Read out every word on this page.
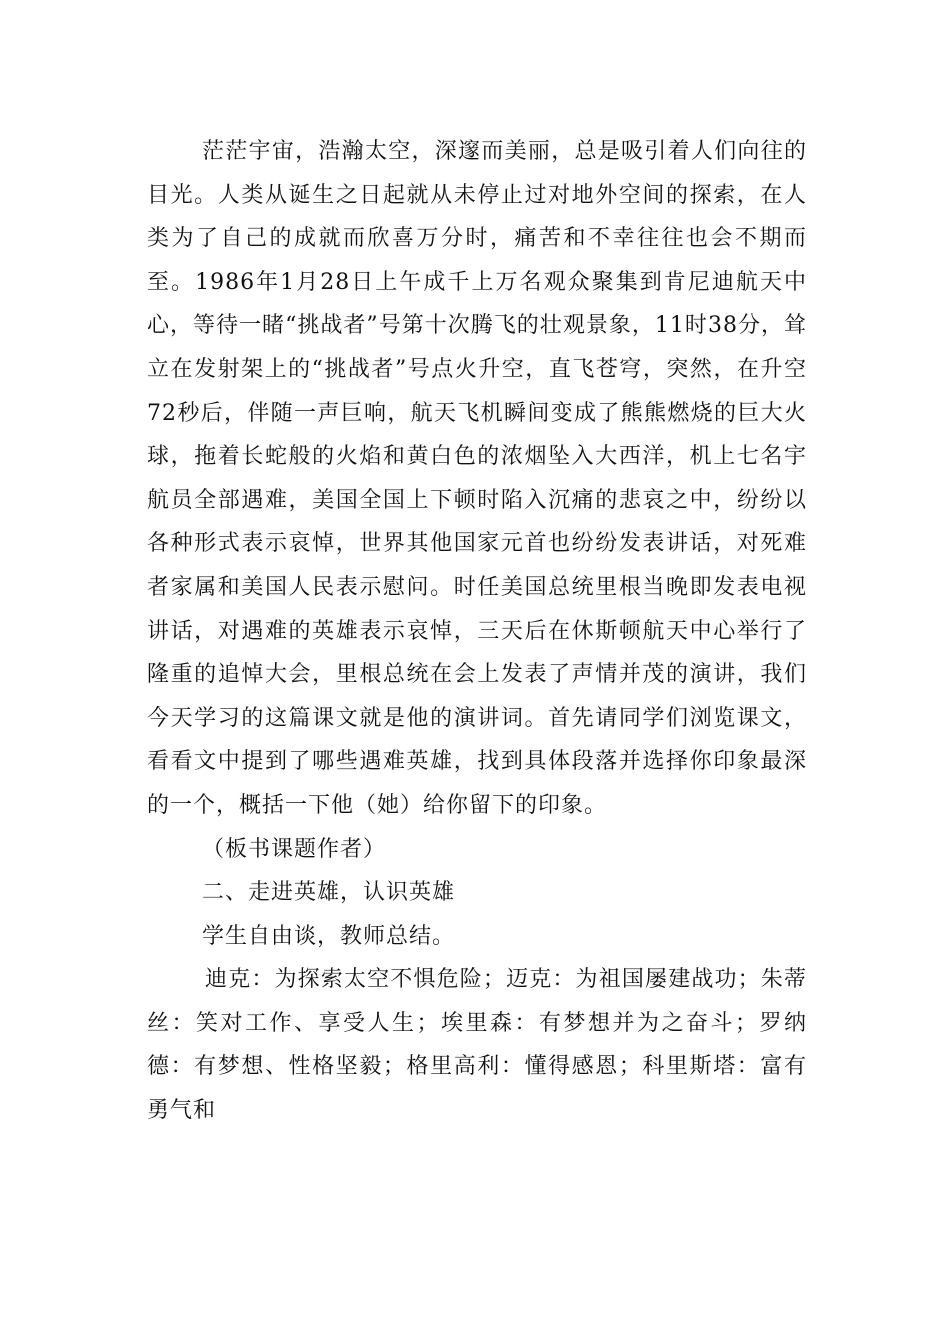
茫茫宇宙，浩瀚太空，深邃而美丽，总是吸引着人们向往的目光。人类从诞生之日起就从未停止过对地外空间的探索，在人类为了自己的成就而欣喜万分时，痛苦和不幸往往也会不期而至。1986年1月28日上午成千上万名观众聚集到肯尼迪航天中心，等待一睹“挑战者”号第十次腾飞的壮观景象，11时38分，耸立在发射架上的“挑战者”号点火升空，直飞苍穹，突然，在升空72秒后，伴随一声巨响，航天飞机瞬间变成了熊熊燃烧的巨大火球，拖着长蛇般的火焰和黄白色的浓烟坠入大西洋，机上七名宇航员全部遇难，美国全国上下顿时陷入沉痛的悲哀之中，纷纷以各种形式表示哀悼，世界其他国家元首也纷纷发表讲话，对死难者家属和美国人民表示慰问。时任美国总统里根当晚即发表电视讲话，对遇难的英雄表示哀悼，三天后在休斯顿航天中心举行了隆重的追悼大会，里根总统在会上发表了声情并茂的演讲，我们今天学习的这篇课文就是他的演讲词。首先请同学们浏览课文，看看文中提到了哪些遇难英雄，找到具体段落并选择你印象最深的一个，概括一下他（她）给你留下的印象。

（板书课题作者）

二、走进英雄，认识英雄

学生自由谈，教师总结。

迪克：为探索太空不惧危险；迈克：为祖国屡建战功；朱蒂丝：笑对工作、享受人生；埃里森：有梦想并为之奋斗；罗纳德：有梦想、性格坚毅；格里高利：懂得感恩；科里斯塔：富有勇气和
